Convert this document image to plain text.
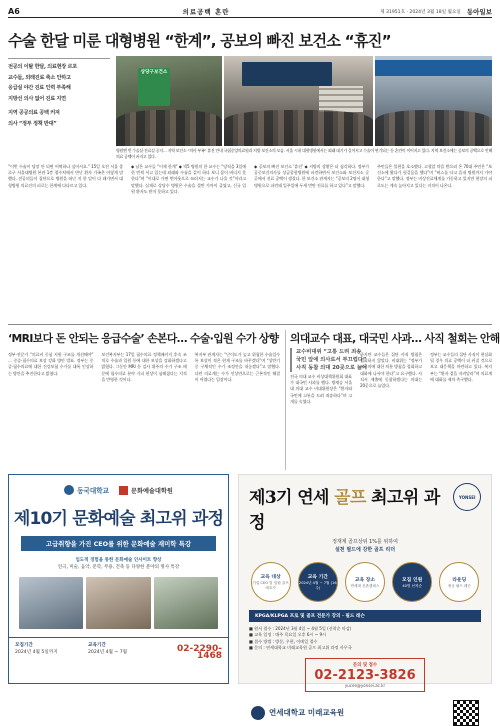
A6	의료공백 혼란	제 31951호 · 2024년 3월 18일 월요일 동아일보
수술 한달 미룬 대형병원 “한계”, 공보의 빠진 보건소 “휴진”
전공의 이탈 한달, 의료현장 르포
교수들, 외래진료 축소 안하고
응급실 야간 진료 인력 부족해
지방선 의사 없어 진료 지연
지역 공공의료 공백 커져
의사 “정부 정책 반대”
상당구보건소

병원엔 빈 수술실·진료실 공지… 지역 보건소 “의사 부족” 휴진 안내 국립중앙의료원과 지방 보건소의 모습. 서울 시내 대형병원에서는 외래 대기가 길어지고 수술이 연기되는 등 혼란이 이어지고 있다. 지역 보건소에는 공보의 공백으로 인해 의료 공백이 커지고 있다.

“이번 수술이 당장 안 되면 어떡하나 싶어서요.” 15일 오전 서울 종로구 서울대병원 본관 1층 접수처에서 만난 환자 가족은 이렇게 말했다. 전공의들이 집단으로 병원을 떠난 지 한 달이 다 돼가면서 대형병원 의료진의 피로는 한계에 다다르고 있다.

◆ 남은 교수들 “이제 한계” ◆ 빅5 병원의 한 교수는 “당직을 3일에 한 번씩 서고 있는데 외래와 수술을 같이 하다 보니 몸이 버티지 못한다”며 “이대로 가면 번아웃으로 쓰러지는 교수가 나올 것”이라고 말했다. 실제로 상당수 병원은 수술을 절반 가까이 줄였고, 신규 입원 환자도 받지 못하고 있다.

◆ 공보의 빠진 보건소 ‘휴진’ ◆ 지방의 상황은 더 심각하다. 정부가 공중보건의사를 상급종합병원에 파견하면서 보건소와 보건지소 곳곳에서 진료 공백이 생겼다. 한 보건소 관계자는 “공보의 2명이 대형병원으로 파견돼 일주일에 두세 번만 진료를 하고 있다”고 말했다.

주민들은 불편을 호소했다. 고혈압 약을 받으러 온 70대 주민은 “보건소에 왔다가 헛걸음을 했다”며 “버스를 타고 읍내 병원까지 가야 한다”고 말했다. 정부는 비상진료체계를 가동하고 있지만 현장의 피로도는 계속 높아지고 있다는 지적이 나온다.

‘MRI보다 돈 안되는 응급수술’ 손본다… 수술·입원 수가 상향

정부·전문가 “의료비 중심 지원 구조를 개선해야” … 중증·필수의료 보상 강화 방안 발표. 정부는 중증·필수의료에 대한 건강보험 수가를 대폭 인상하는 방안을 추진한다고 밝혔다.

보건복지부는 17일 필수의료 정책패키지 후속 조치로 수술과 입원 등에 대한 보상을 강화하겠다고 밝혔다. 그동안 MRI 등 검사 위주의 수가 구조 때문에 필수의료 분야 기피 현상이 심해졌다는 지적을 반영한 것이다.

복지부 관계자는 “난이도가 높고 위험한 수술일수록 보상이 적은 현재 구조를 바꾸겠다”며 “상반기 중 구체적인 수가 조정안을 내놓겠다”고 말했다. 다만 의료계는 수가 인상만으로는 근본적인 해결이 어렵다는 입장이다.

의대교수 대표, 대국민 사과… 사직 철회는 안해
교수비대위 “고통 드려 죄송
국민 앞에 의사로서 부끄럽다”
사직 동참 의대 20곳으로 늘어

전국 의대 교수 비상대책위원회 대표가 대국민 사과를 했다. 방재승 서울대 의대 교수 비대위원장은 “환자와 국민께 고통을 드려 죄송하다”며 고개를 숙였다.

하지만 교수들은 집단 사직 방침은 철회하지 않았다. 비대위는 “정부가 전공의에 대한 처분 방침을 철회하고 대화에 나서야 한다”고 요구했다. 사직서 제출에 동참하겠다는 의대는 20곳으로 늘었다.

정부는 교수들의 집단 사직이 현실화될 경우 의료 공백이 더 커질 것으로 보고 대응책을 마련하고 있다. 복지부는 “환자 곁을 지켜달라”며 의료계에 대화를 재차 촉구했다.

동국대학교	문화예술대학원
제10기 문화예술 최고위 과정
고급취향을 가진 CEO를 위한 문화예술 재미학 특강
입도적 경험을 통한 문화예술 인사이트 향상
연극, 미술, 음악, 문학, 무용, 건축 등 다양한 분야의 명사 특강
모집기간
2024년 4월 5일까지
교육기간
2024년 4월 ~ 7월	02-2290-1468
제3기 연세 골프 최고위 과정
YONSEI
정재계 골프상위 1%를 위하여
설천 필드에 강한 골프 리더
교육 대상
기업 CEO 및 임원 골프 애호가
교육 기간
2024년 4월 ~ 7월 (16주)
교육 장소
연세대 신촌캠퍼스
모집 인원
40명 선착순
라운딩
정규 필드 레슨
KPGA/KLPGA 프로 및 골프 전문가 강의 · 필드 레슨
■ 원서 접수 : 2024년 3월 4일 ~ 4월 5일 (선착순 마감)
■ 교육 일정 : 매주 목요일 오후 6시 ~ 9시
■ 접수 방법 : 방문, 우편, 이메일 접수
■ 문의 : 연세대학교 미래교육원 골프 최고위 과정 사무국
문의 및 접수
02-2123-3826
yucee@yonsei.ac.kr
연세대학교 미래교육원
